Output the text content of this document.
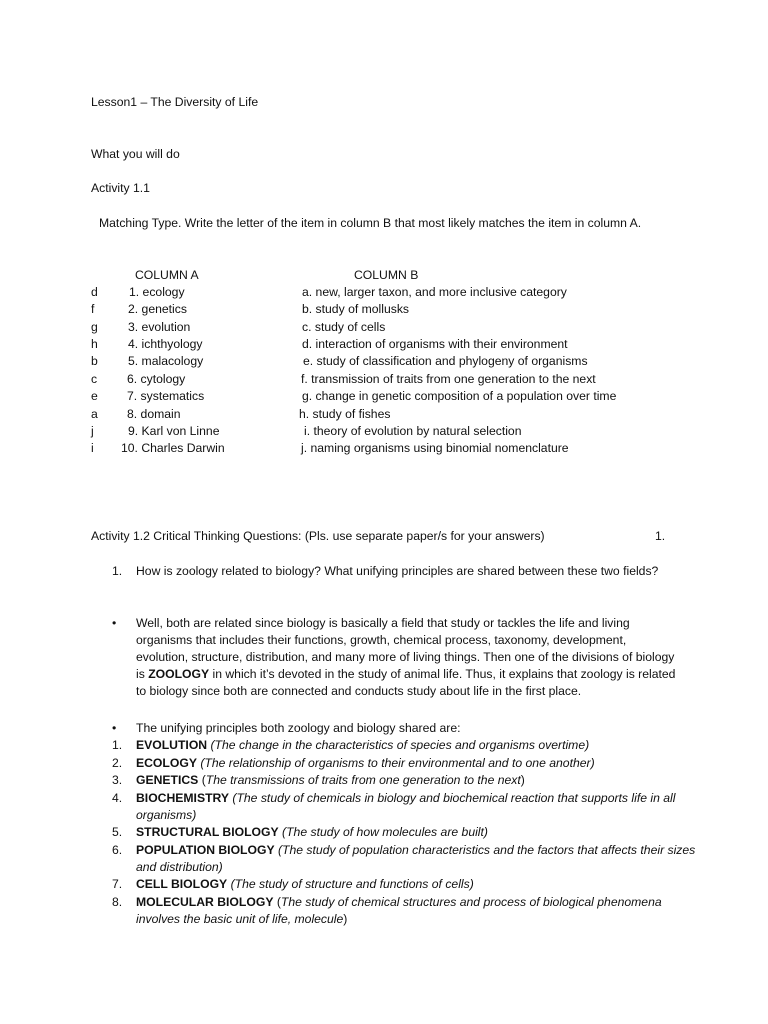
Lesson1 – The Diversity of Life
What you will do
Activity 1.1
Matching Type. Write the letter of the item in column B that most likely matches the item in column A.
COLUMN A	COLUMN B
d	1. ecology	a. new, larger taxon, and more inclusive category
f	2. genetics	b. study of mollusks
g 3. evolution	c. study of cells
h 4. ichthyology	d. interaction of organisms with their environment
b 5. malacology	e. study of classification and phylogeny of organisms
c 6. cytology	f. transmission of traits from one generation to the next
e 7. systematics	g. change in genetic composition of a population over time
a 8. domain	h. study of fishes
j	9. Karl von Linne	i. theory of evolution by natural selection
i 10. Charles Darwin	j. naming organisms using binomial nomenclature
Activity 1.2 Critical Thinking Questions: (Pls. use separate paper/s for your answers)	1.
1. How is zoology related to biology? What unifying principles are shared between these two fields?
• Well, both are related since biology is basically a field that study or tackles the life and living organisms that includes their functions, growth, chemical process, taxonomy, development, evolution, structure, distribution, and many more of living things. Then one of the divisions of biology is ZOOLOGY in which it’s devoted in the study of animal life. Thus, it explains that zoology is related to biology since both are connected and conducts study about life in the first place.
• The unifying principles both zoology and biology shared are:
1. EVOLUTION (The change in the characteristics of species and organisms overtime)
2. ECOLOGY (The relationship of organisms to their environmental and to one another)
3. GENETICS (The transmissions of traits from one generation to the next)
4. BIOCHEMISTRY (The study of chemicals in biology and biochemical reaction that supports life in all organisms)
5. STRUCTURAL BIOLOGY (The study of how molecules are built)
6. POPULATION BIOLOGY (The study of population characteristics and the factors that affects their sizes and distribution)
7. CELL BIOLOGY (The study of structure and functions of cells)
8. MOLECULAR BIOLOGY (The study of chemical structures and process of biological phenomena involves the basic unit of life, molecule)
